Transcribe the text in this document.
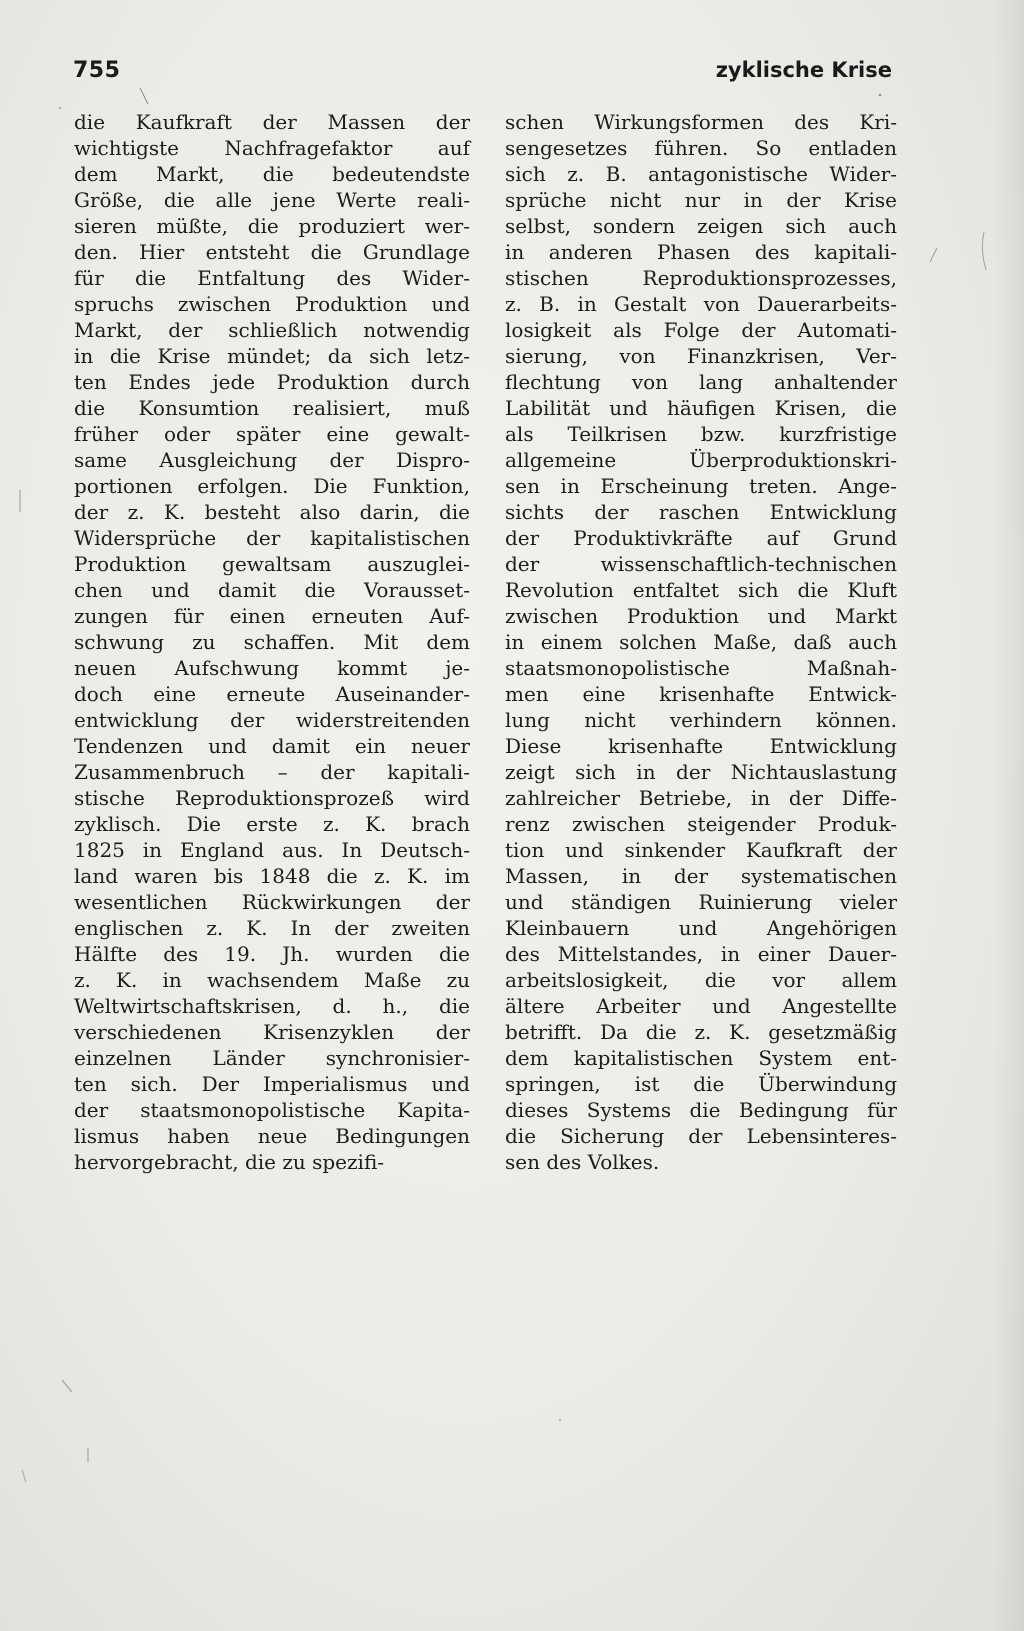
755	zyklische Krise
die Kaufkraft der Massen der
wichtigste Nachfragefaktor auf
dem Markt, die bedeutendste
Größe, die alle jene Werte reali-
sieren müßte, die produziert wer-
den. Hier entsteht die Grundlage
für die Entfaltung des Wider-
spruchs zwischen Produktion und
Markt, der schließlich notwendig
in die Krise mündet; da sich letz-
ten Endes jede Produktion durch
die Konsumtion realisiert, muß
früher oder später eine gewalt-
same Ausgleichung der Dispro-
portionen erfolgen. Die Funktion,
der z. K. besteht also darin, die
Widersprüche der kapitalistischen
Produktion gewaltsam auszuglei-
chen und damit die Vorausset-
zungen für einen erneuten Auf-
schwung zu schaffen. Mit dem
neuen Aufschwung kommt je-
doch eine erneute Auseinander-
entwicklung der widerstreitenden
Tendenzen und damit ein neuer
Zusammenbruch – der kapitali-
stische Reproduktionsprozeß wird
zyklisch. Die erste z. K. brach
1825 in England aus. In Deutsch-
land waren bis 1848 die z. K. im
wesentlichen Rückwirkungen der
englischen z. K. In der zweiten
Hälfte des 19. Jh. wurden die
z. K. in wachsendem Maße zu
Weltwirtschaftskrisen, d. h., die
verschiedenen Krisenzyklen der
einzelnen Länder synchronisier-
ten sich. Der Imperialismus und
der staatsmonopolistische Kapita-
lismus haben neue Bedingungen
hervorgebracht, die zu spezifi-
schen Wirkungsformen des Kri-
sengesetzes führen. So entladen
sich z. B. antagonistische Wider-
sprüche nicht nur in der Krise
selbst, sondern zeigen sich auch
in anderen Phasen des kapitali-
stischen Reproduktionsprozesses,
z. B. in Gestalt von Dauerarbeits-
losigkeit als Folge der Automati-
sierung, von Finanzkrisen, Ver-
flechtung von lang anhaltender
Labilität und häufigen Krisen, die
als Teilkrisen bzw. kurzfristige
allgemeine Überproduktionskri-
sen in Erscheinung treten. Ange-
sichts der raschen Entwicklung
der Produktivkräfte auf Grund
der wissenschaftlich-technischen
Revolution entfaltet sich die Kluft
zwischen Produktion und Markt
in einem solchen Maße, daß auch
staatsmonopolistische Maßnah-
men eine krisenhafte Entwick-
lung nicht verhindern können.
Diese krisenhafte Entwicklung
zeigt sich in der Nichtauslastung
zahlreicher Betriebe, in der Diffe-
renz zwischen steigender Produk-
tion und sinkender Kaufkraft der
Massen, in der systematischen
und ständigen Ruinierung vieler
Kleinbauern und Angehörigen
des Mittelstandes, in einer Dauer-
arbeitslosigkeit, die vor allem
ältere Arbeiter und Angestellte
betrifft. Da die z. K. gesetzmäßig
dem kapitalistischen System ent-
springen, ist die Überwindung
dieses Systems die Bedingung für
die Sicherung der Lebensinteres-
sen des Volkes.
